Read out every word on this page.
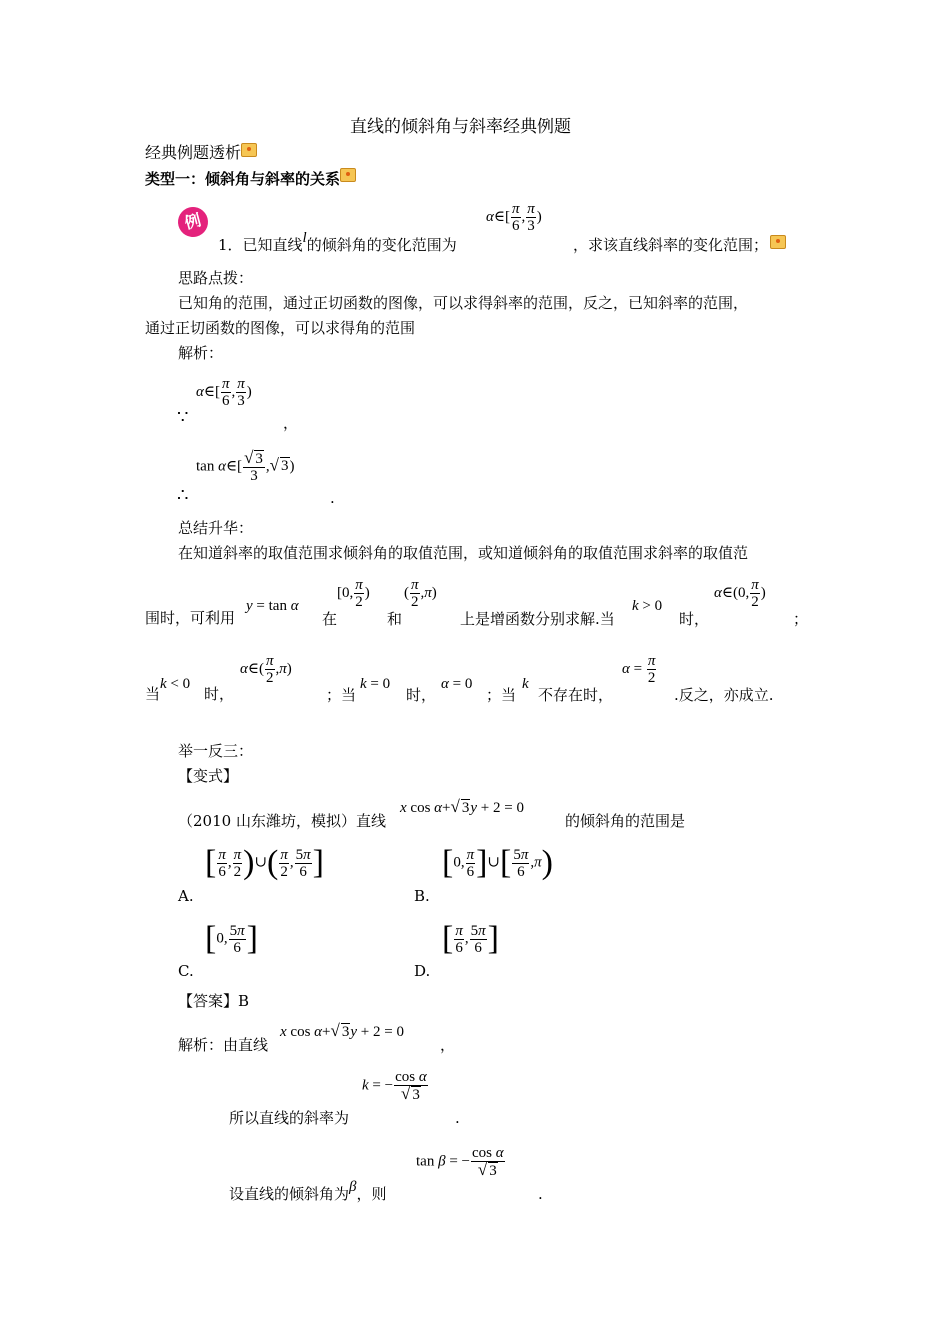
直线的倾斜角与斜率经典例题
经典例题透析
类型一：倾斜角与斜率的关系
例
1．已知直线l的倾斜角的变化范围为
α∈[ $\frac{\pi}{6}$ , $\frac{\pi}{3}$ )
，求该直线斜率的变化范围；
思路点拨：
已知角的范围，通过正切函数的图像，可以求得斜率的范围，反之，已知斜率的范围，
通过正切函数的图像，可以求得角的范围
解析：
α∈[ $\frac{\pi}{6}$ , $\frac{\pi}{3}$ )
∵	，
tan α∈[ $\frac{√ 3}{3}$ ,√ 3)
∴	.
总结升华：
在知道斜率的取值范围求倾斜角的取值范围，或知道倾斜角的取值范围求斜率的取值范
围时，可利用
y = tan α
在
[0, $\frac{\pi}{2}$ )
和
( $\frac{\pi}{2} ,\pi$)
上是增函数分别求解.当
k > 0
时，
α∈(0, $\frac{\pi}{2}$ )
；
当
k < 0
时，
α∈( $\frac{\pi}{2} ,\pi$)
；当
k = 0
时，
α = 0
；当
k
不存在时，
$\alpha = \frac{\pi}{2}$
.反之，亦成立.
举一反三：
【变式】
（2010 山东潍坊，模拟）直线
x cos α+√ 3y + 2 = 0
的倾斜角的范围是
[ $\frac{\pi}{6}$ , $\frac{\pi}{2}$ )∪( $\frac{\pi}{2}$ , $\frac{5\pi}{6}$ ]
A.
[0, $\frac{\pi}{6}$ ]∪[ $\frac{5\pi}{6} ,\pi$)
B.
[0, $\frac{5\pi}{6}$ ]
C.
[ $\frac{\pi}{6}$ , $\frac{5\pi}{6}$ ]
D.
【答案】B
解析：由直线
x cos α+√ 3y + 2 = 0
，
所以直线的斜率为
k = − $\frac{\text{cos α}}{√ 3}$
.
设直线的倾斜角为β，则
tan β = − $\frac{\text{cos α}}{√ 3}$
.
